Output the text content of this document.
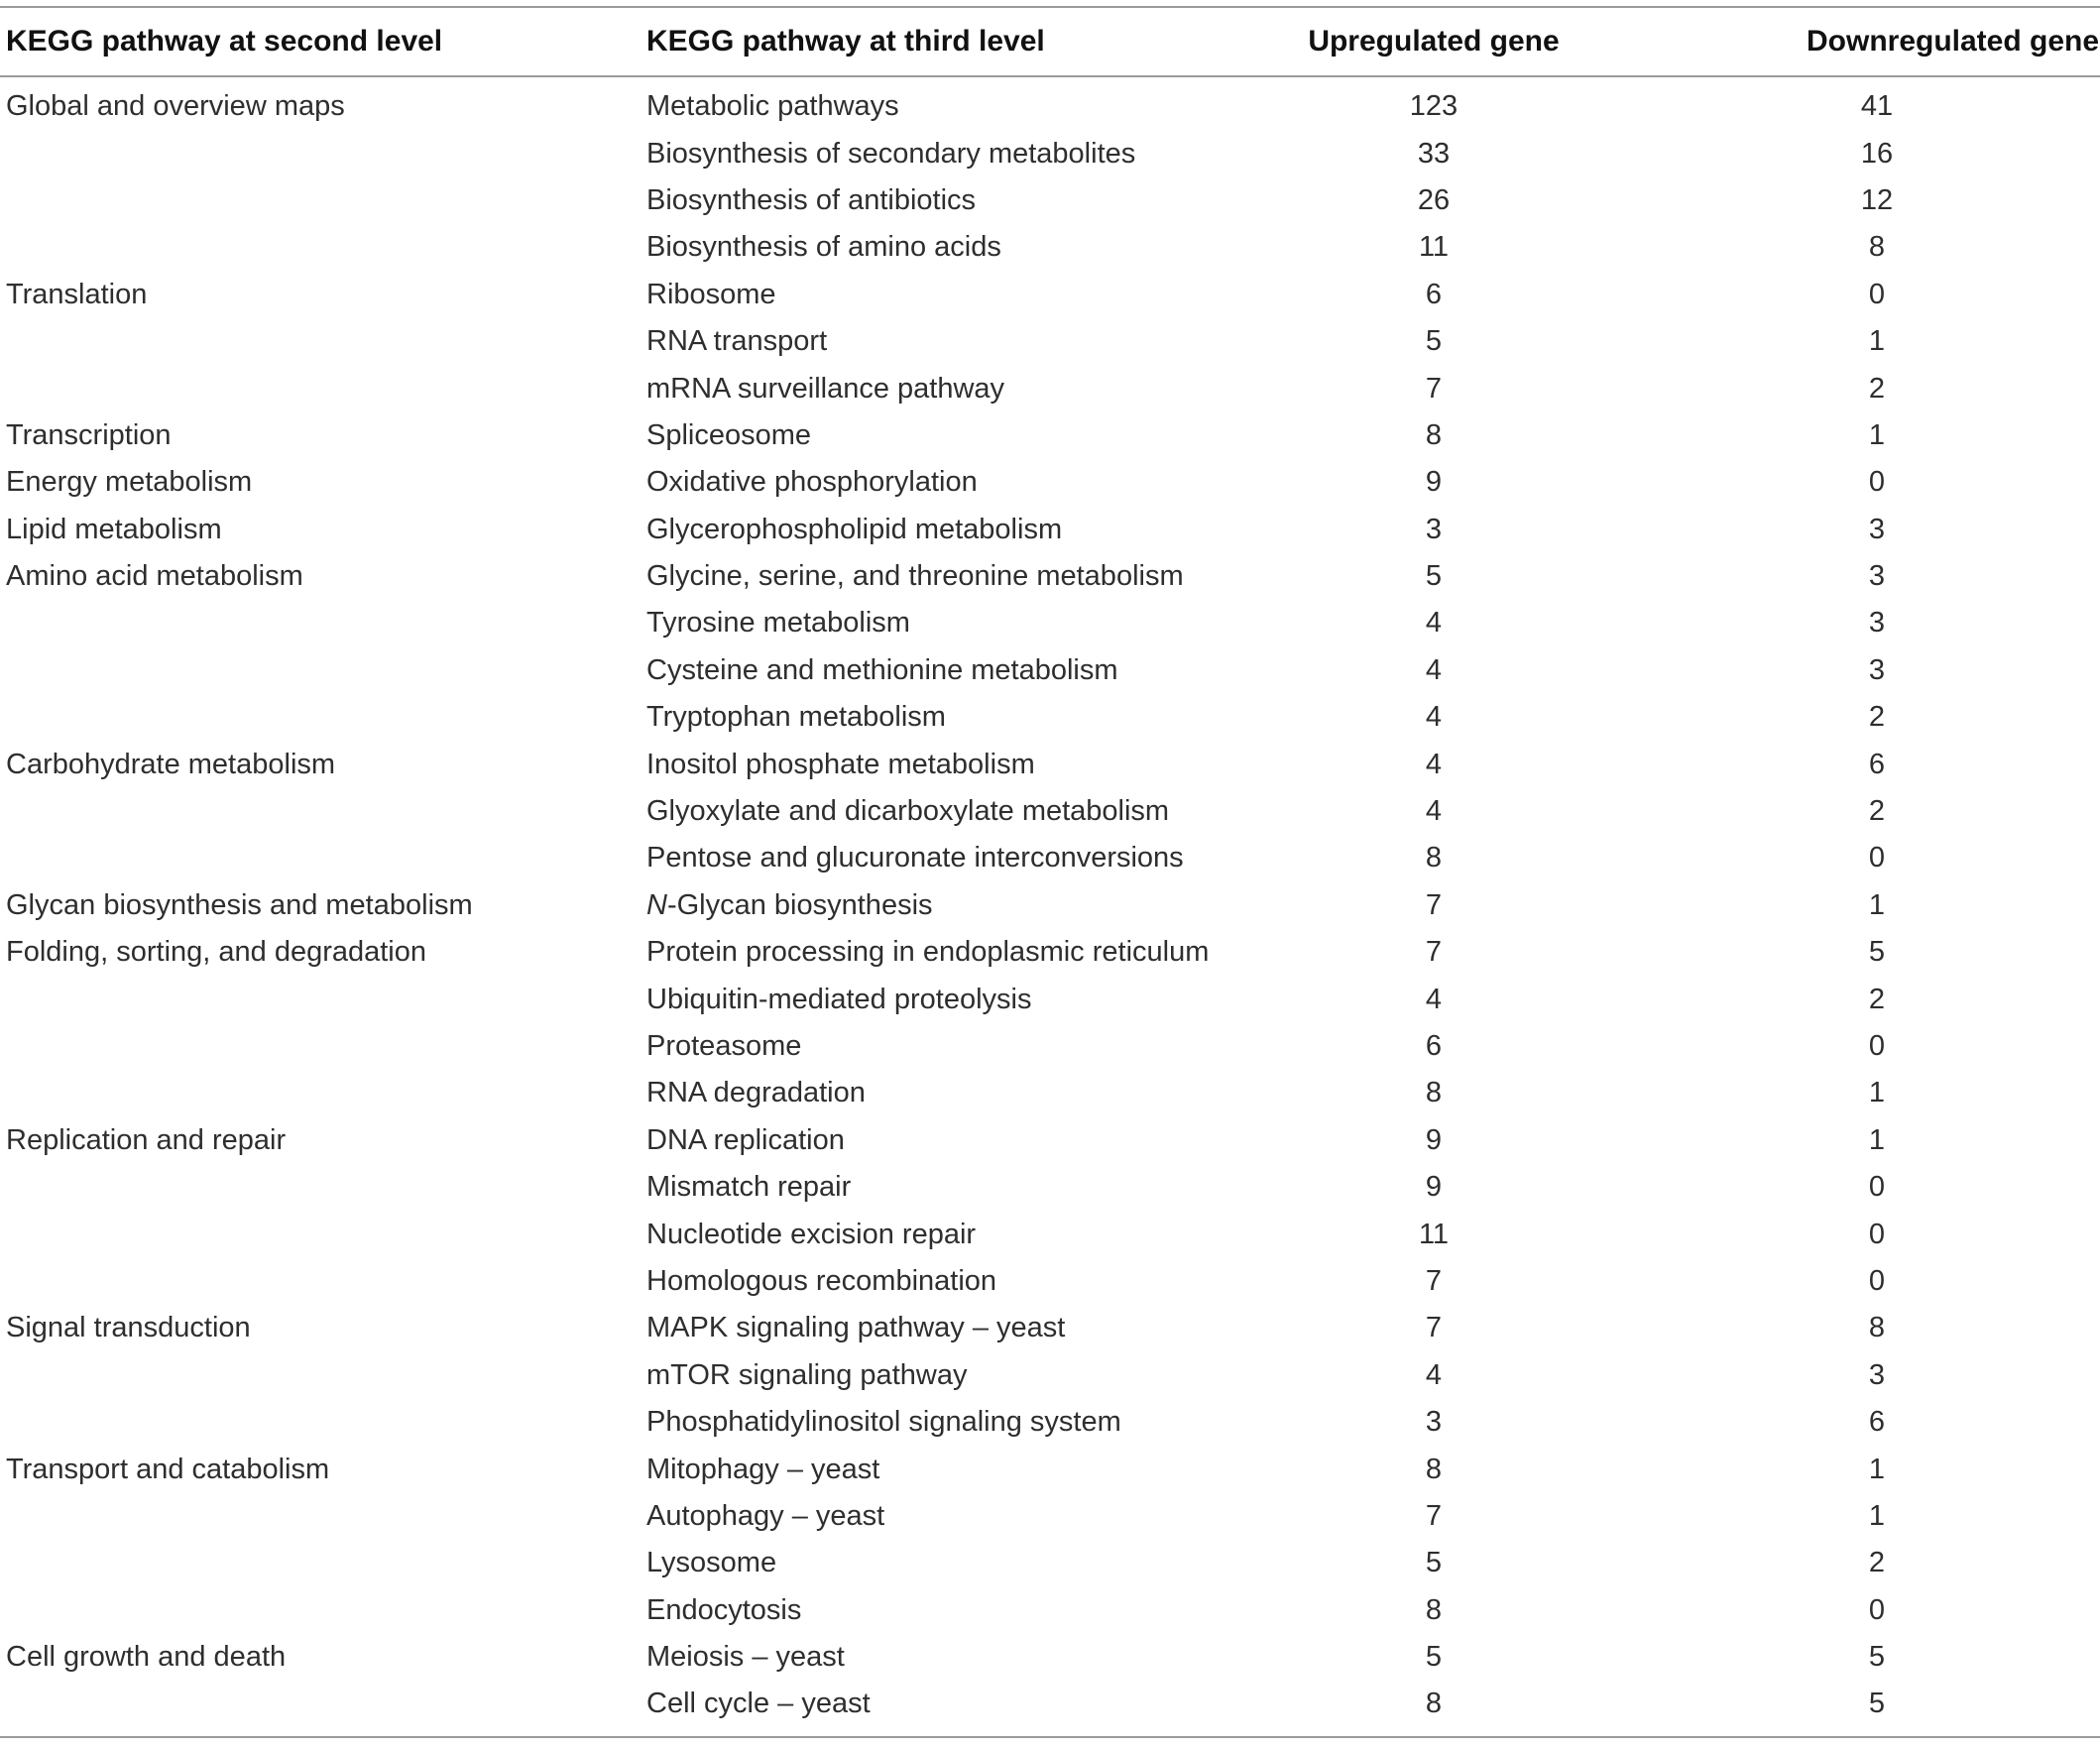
KEGG pathway at second level	KEGG pathway at third level	Upregulated gene	Downregulated gene
Global and overview maps	Metabolic pathways	123	41
	Biosynthesis of secondary metabolites	33	16
	Biosynthesis of antibiotics	26	12
	Biosynthesis of amino acids	11	8
Translation	Ribosome	6	0
	RNA transport	5	1
	mRNA surveillance pathway	7	2
Transcription	Spliceosome	8	1
Energy metabolism	Oxidative phosphorylation	9	0
Lipid metabolism	Glycerophospholipid metabolism	3	3
Amino acid metabolism	Glycine, serine, and threonine metabolism	5	3
	Tyrosine metabolism	4	3
	Cysteine and methionine metabolism	4	3
	Tryptophan metabolism	4	2
Carbohydrate metabolism	Inositol phosphate metabolism	4	6
	Glyoxylate and dicarboxylate metabolism	4	2
	Pentose and glucuronate interconversions	8	0
Glycan biosynthesis and metabolism	N-Glycan biosynthesis	7	1
Folding, sorting, and degradation	Protein processing in endoplasmic reticulum	7	5
	Ubiquitin-mediated proteolysis	4	2
	Proteasome	6	0
	RNA degradation	8	1
Replication and repair	DNA replication	9	1
	Mismatch repair	9	0
	Nucleotide excision repair	11	0
	Homologous recombination	7	0
Signal transduction	MAPK signaling pathway – yeast	7	8
	mTOR signaling pathway	4	3
	Phosphatidylinositol signaling system	3	6
Transport and catabolism	Mitophagy – yeast	8	1
	Autophagy – yeast	7	1
	Lysosome	5	2
	Endocytosis	8	0
Cell growth and death	Meiosis – yeast	5	5
	Cell cycle – yeast	8	5
